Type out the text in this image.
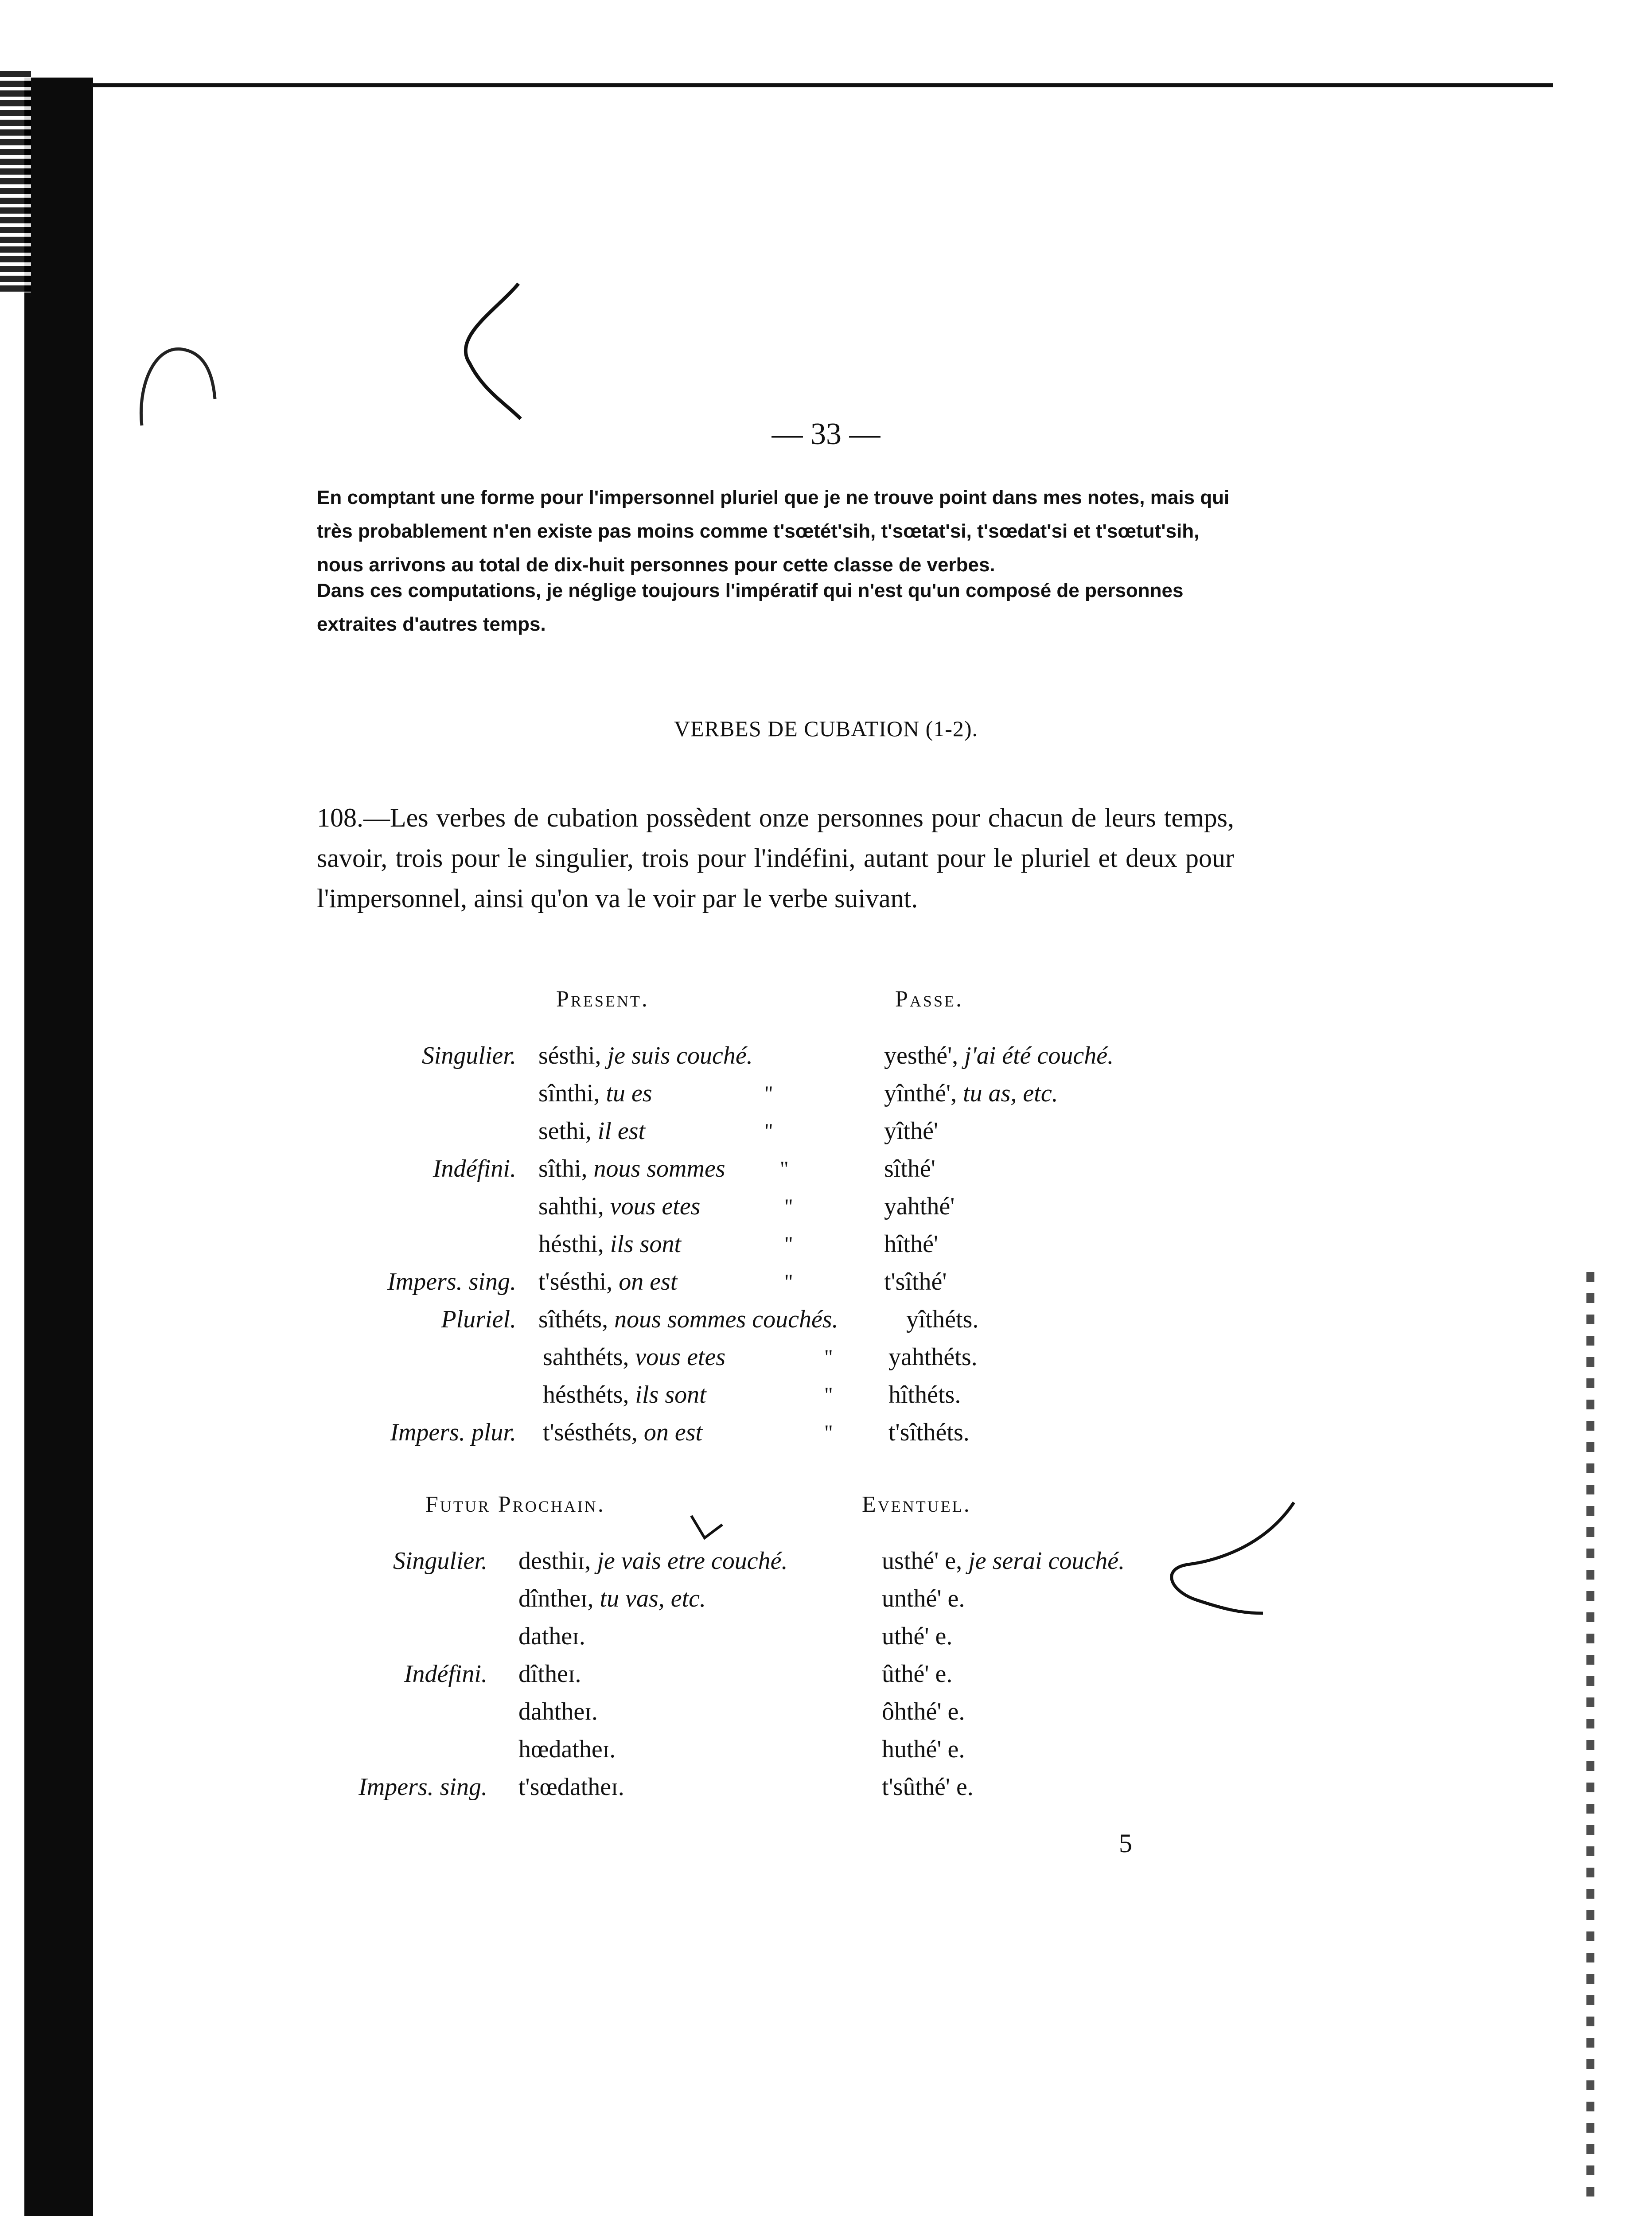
— 33 —
En comptant une forme pour l'impersonnel pluriel que je ne trouve point dans mes notes, mais qui très probablement n'en existe pas moins comme t'sœtét'sih, t'sœtat'si, t'sœdat'si et t'sœtut'sih, nous arrivons au total de dix-huit personnes pour cette classe de verbes.
Dans ces computations, je néglige toujours l'impératif qui n'est qu'un composé de personnes extraites d'autres temps.
VERBES DE CUBATION (1-2).
108.—Les verbes de cubation possèdent onze personnes pour chacun de leurs temps, savoir, trois pour le singulier, trois pour l'indéfini, autant pour le pluriel et deux pour l'impersonnel, ainsi qu'on va le voir par le verbe suivant.
Present.	Passe.
Singulier. sésthi, je suis couché.	yesthé', j'ai été couché.
sînthi, tu es	"	yînthé', tu as, etc.
sethi, il est	"	yîthé'
Indéfini. sîthi, nous sommes	"	sîthé'
sahthi, vous etes	"	yahthé'
hésthi, ils sont	"	hîthé'
Impers. sing. t'sésthi, on est	"	t'sîthé'
Pluriel. sîthéts, nous sommes couchés.	yîthéts.
sahthéts, vous etes	" yahthéts.
hésthéts, ils sont	" hîthéts.
Impers. plur. t'sésthéts, on est	" t'sîthéts.
Futur Prochain.	Eventuel.
Singulier. desthiɪ, je vais etre couché.	usthé' e, je serai couché.
dîntheɪ, tu vas, etc.	unthé' e.
datheɪ.	uthé' e.
Indéfini. dîtheɪ.	ûthé' e.
dahtheɪ.	ôhthé' e.
hœdatheɪ.	huthé' e.
Impers. sing. t'sœdatheɪ.	t'sûthé' e.
5
